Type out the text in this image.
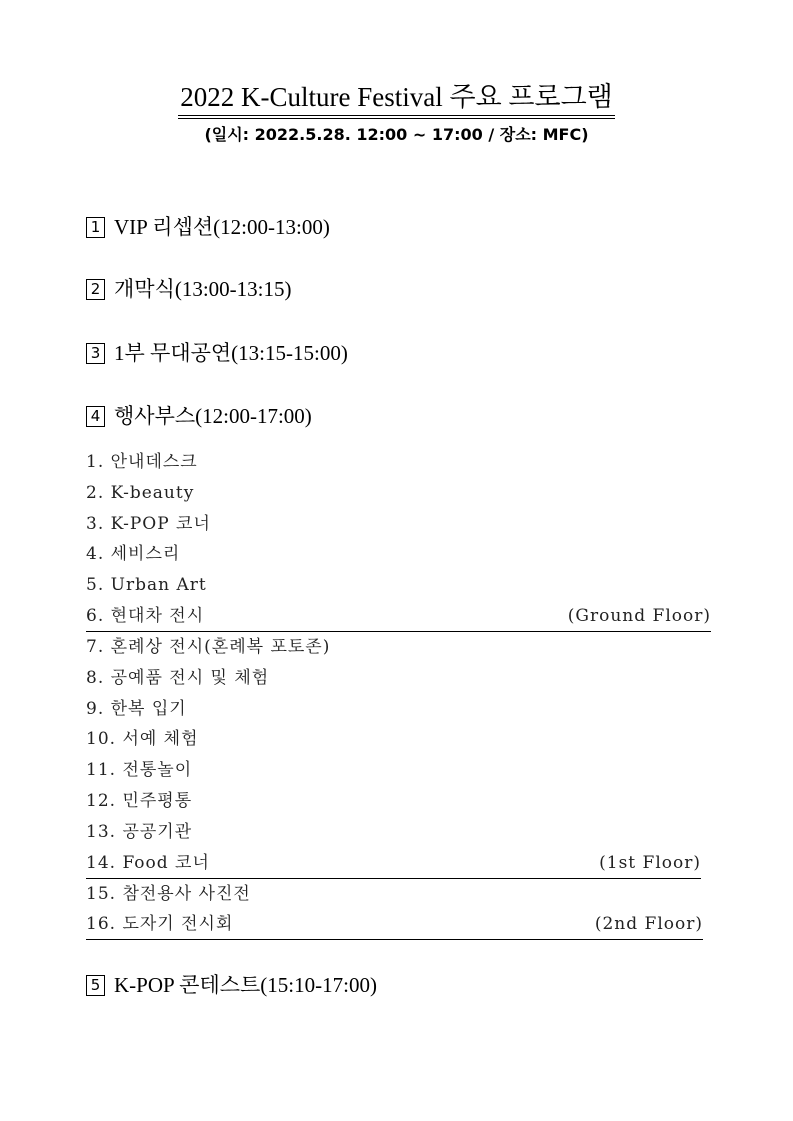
2022 K-Culture Festival 주요 프로그램
(일시: 2022.5.28. 12:00 ~ 17:00 / 장소: MFC)
1 VIP 리셉션(12:00-13:00)
2 개막식(13:00-13:15)
3 1부 무대공연(13:15-15:00)
4 행사부스(12:00-17:00)
1. 안내데스크
2. K-beauty
3. K-POP 코너
4. 세비스리
5. Urban Art
6. 현대차 전시	(Ground Floor)
7. 혼례상 전시(혼례복 포토존)
8. 공예품 전시 및 체험
9. 한복 입기
10. 서예 체험
11. 전통놀이
12. 민주평통
13. 공공기관
14. Food 코너	(1st Floor)
15. 참전용사 사진전
16. 도자기 전시회	(2nd Floor)
5 K-POP 콘테스트(15:10-17:00)
